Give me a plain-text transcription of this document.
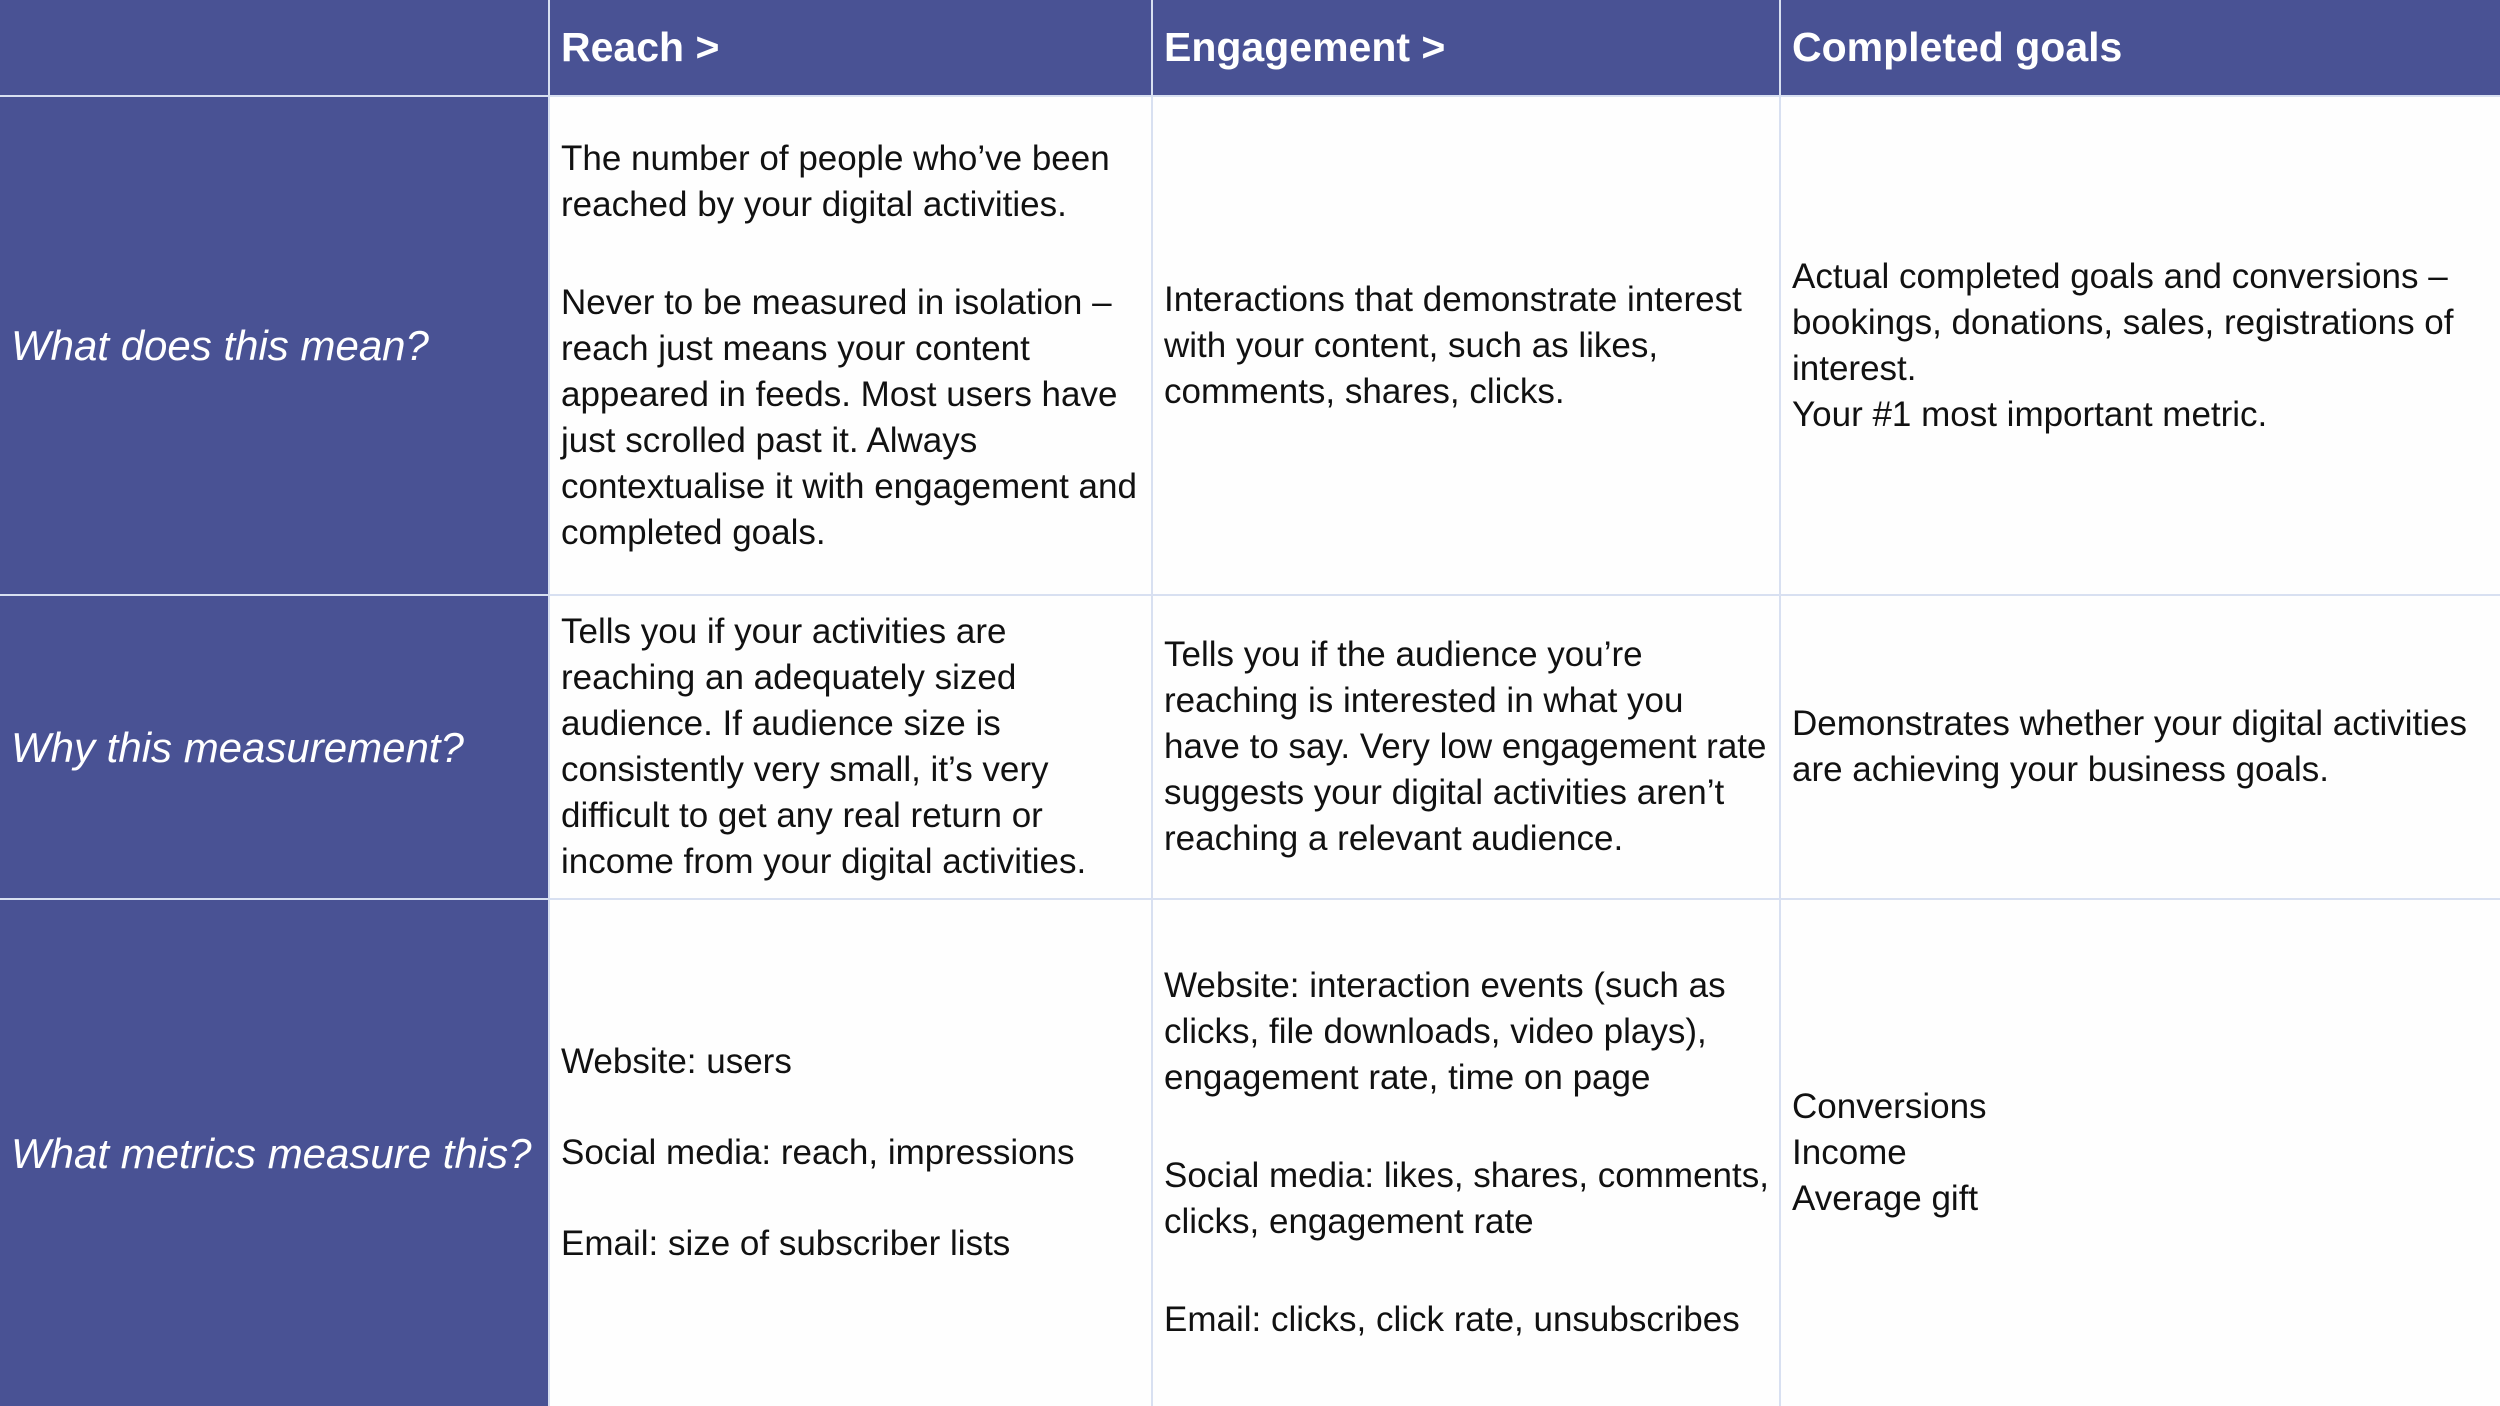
Reach >	Engagement >	Completed goals
What does this mean?
The number of people who’ve been reached by your digital activities.
Never to be measured in isolation – reach just means your content appeared in feeds. Most users have just scrolled past it. Always contextualise it with engagement and completed goals.
Interactions that demonstrate interest with your content, such as likes, comments, shares, clicks.
Actual completed goals and conversions – bookings, donations, sales, registrations of interest.
Your #1 most important metric.
Why this measurement?
Tells you if your activities are reaching an adequately sized audience. If audience size is consistently very small, it’s very difficult to get any real return or income from your digital activities.
Tells you if the audience you’re reaching is interested in what you have to say. Very low engagement rate suggests your digital activities aren’t reaching a relevant audience.
Demonstrates whether your digital activities are achieving your business goals.
What metrics measure this?
Website: users
Social media: reach, impressions
Email: size of subscriber lists
Website: interaction events (such as clicks, file downloads, video plays), engagement rate, time on page
Social media: likes, shares, comments, clicks, engagement rate
Email: clicks, click rate, unsubscribes
Conversions
Income
Average gift
